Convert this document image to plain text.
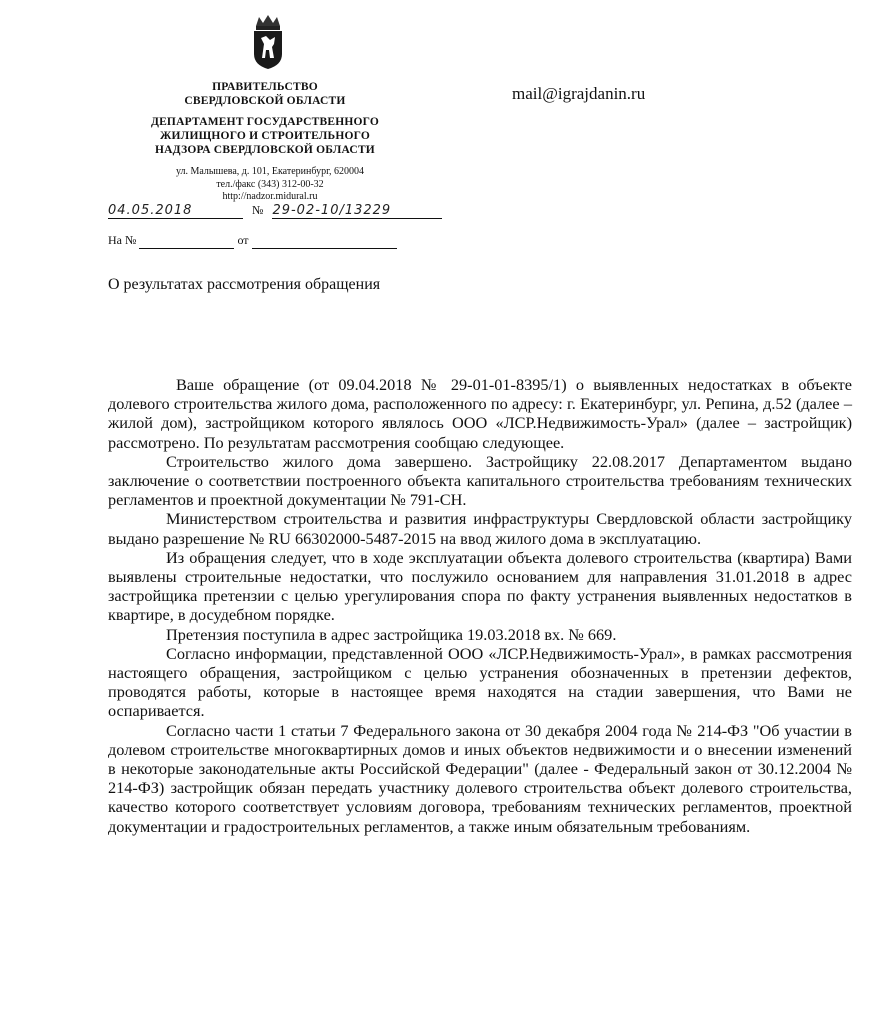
ПРАВИТЕЛЬСТВО
СВЕРДЛОВСКОЙ ОБЛАСТИ
ДЕПАРТАМЕНТ ГОСУДАРСТВЕННОГО
ЖИЛИЩНОГО И СТРОИТЕЛЬНОГО
НАДЗОРА СВЕРДЛОВСКОЙ ОБЛАСТИ
ул. Малышева, д. 101, Екатеринбург, 620004
тел./факс (343) 312-00-32
http://nadzor.midural.ru
mail@igrajdanin.ru
04.05.2018	№ 29-02-10/13229
На №	от
О результатах рассмотрения обращения

Ваше обращение (от 09.04.2018 № 29-01-01-8395/1) о выявленных недостатках в объекте долевого строительства жилого дома, расположенного по адресу: г. Екатеринбург, ул. Репина, д.52 (далее – жилой дом), застройщиком которого являлось ООО «ЛСР.Недвижимость-Урал» (далее – застройщик) рассмотрено. По результатам рассмотрения сообщаю следующее.

Строительство жилого дома завершено. Застройщику 22.08.2017 Департаментом выдано заключение о соответствии построенного объекта капитального строительства требованиям технических регламентов и проектной документации № 791-СН.

Министерством строительства и развития инфраструктуры Свердловской области застройщику выдано разрешение № RU 66302000-5487-2015 на ввод жилого дома в эксплуатацию.

Из обращения следует, что в ходе эксплуатации объекта долевого строительства (квартира) Вами выявлены строительные недостатки, что послужило основанием для направления 31.01.2018 в адрес застройщика претензии с целью урегулирования спора по факту устранения выявленных недостатков в квартире, в досудебном порядке.

Претензия поступила в адрес застройщика 19.03.2018 вх. № 669.

Согласно информации, представленной ООО «ЛСР.Недвижимость-Урал», в рамках рассмотрения настоящего обращения, застройщиком с целью устранения обозначенных в претензии дефектов, проводятся работы, которые в настоящее время находятся на стадии завершения, что Вами не оспаривается.

Согласно части 1 статьи 7 Федерального закона от 30 декабря 2004 года № 214-ФЗ "Об участии в долевом строительстве многоквартирных домов и иных объектов недвижимости и о внесении изменений в некоторые законодательные акты Российской Федерации" (далее - Федеральный закон от 30.12.2004 № 214-ФЗ) застройщик обязан передать участнику долевого строительства объект долевого строительства, качество которого соответствует условиям договора, требованиям технических регламентов, проектной документации и градостроительных регламентов, а также иным обязательным требованиям.
